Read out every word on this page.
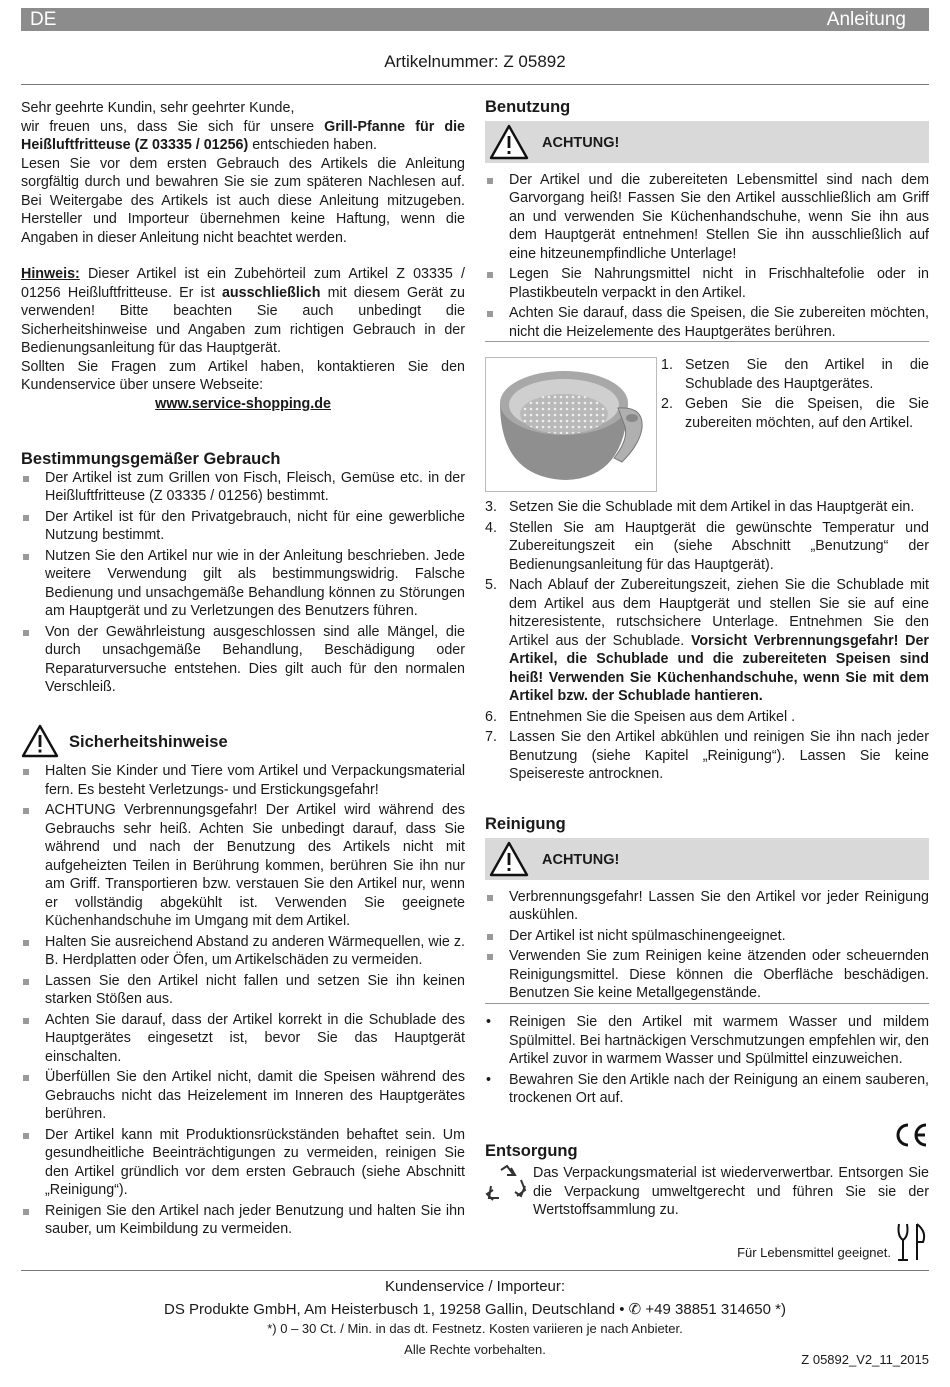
DE	Anleitung
Artikelnummer: Z 05892

Sehr geehrte Kundin, sehr geehrter Kunde,

wir freuen uns, dass Sie sich für unsere Grill-Pfanne für die Heißluftfritteuse (Z 03335 / 01256) entschieden haben.

Lesen Sie vor dem ersten Gebrauch des Artikels die Anleitung sorgfältig durch und bewahren Sie sie zum späteren Nachlesen auf. Bei Weitergabe des Artikels ist auch diese Anleitung mitzugeben. Hersteller und Importeur übernehmen keine Haftung, wenn die Angaben in dieser Anleitung nicht beachtet werden.

Hinweis: Dieser Artikel ist ein Zubehörteil zum Artikel Z 03335 / 01256 Heißluftfritteuse. Er ist ausschließlich mit diesem Gerät zu verwenden! Bitte beachten Sie auch unbedingt die Sicherheitshinweise und Angaben zum richtigen Gebrauch in der Bedienungsanleitung für das Hauptgerät.

Sollten Sie Fragen zum Artikel haben, kontaktieren Sie den Kundenservice über unsere Webseite:

www.service-shopping.de

Bestimmungsgemäßer Gebrauch
Der Artikel ist zum Grillen von Fisch, Fleisch, Gemüse etc. in der Heißluftfritteuse (Z 03335 / 01256) bestimmt.
Der Artikel ist für den Privatgebrauch, nicht für eine gewerbliche Nutzung bestimmt.
Nutzen Sie den Artikel nur wie in der Anleitung beschrieben. Jede weitere Verwendung gilt als bestimmungswidrig. Falsche Bedienung und unsachgemäße Behandlung können zu Störungen am Hauptgerät und zu Verletzungen des Benutzers führen.
Von der Gewährleistung ausgeschlossen sind alle Mängel, die durch unsachgemäße Behandlung, Beschädigung oder Reparaturversuche entstehen. Dies gilt auch für den normalen Verschleiß.
Sicherheitshinweise
Halten Sie Kinder und Tiere vom Artikel und Verpackungsmaterial fern. Es besteht Verletzungs- und Erstickungsgefahr!
ACHTUNG Verbrennungsgefahr! Der Artikel wird während des Gebrauchs sehr heiß. Achten Sie unbedingt darauf, dass Sie während und nach der Benutzung des Artikels nicht mit aufgeheizten Teilen in Berührung kommen, berühren Sie ihn nur am Griff. Transportieren bzw. verstauen Sie den Artikel nur, wenn er vollständig abgekühlt ist. Verwenden Sie geeignete Küchenhandschuhe im Umgang mit dem Artikel.
Halten Sie ausreichend Abstand zu anderen Wärmequellen, wie z. B. Herdplatten oder Öfen, um Artikelschäden zu vermeiden.
Lassen Sie den Artikel nicht fallen und setzen Sie ihn keinen starken Stößen aus.
Achten Sie darauf, dass der Artikel korrekt in die Schublade des Hauptgerätes eingesetzt ist, bevor Sie das Hauptgerät einschalten.
Überfüllen Sie den Artikel nicht, damit die Speisen während des Gebrauchs nicht das Heizelement im Inneren des Hauptgerätes berühren.
Der Artikel kann mit Produktionsrückständen behaftet sein. Um gesundheitliche Beeinträchtigungen zu vermeiden, reinigen Sie den Artikel gründlich vor dem ersten Gebrauch (siehe Abschnitt „Reinigung“).
Reinigen Sie den Artikel nach jeder Benutzung und halten Sie ihn sauber, um Keimbildung zu vermeiden.
Benutzung
ACHTUNG!
Der Artikel und die zubereiteten Lebensmittel sind nach dem Garvorgang heiß! Fassen Sie den Artikel ausschließlich am Griff an und verwenden Sie Küchenhandschuhe, wenn Sie ihn aus dem Hauptgerät entnehmen! Stellen Sie ihn ausschließlich auf eine hitzeunempfindliche Unterlage!
Legen Sie Nahrungsmittel nicht in Frischhaltefolie oder in Plastikbeuteln verpackt in den Artikel.
Achten Sie darauf, dass die Speisen, die Sie zubereiten möchten, nicht die Heizelemente des Hauptgerätes berühren.
1. Setzen Sie den Artikel in die Schublade des Hauptgerätes.
2. Geben Sie die Speisen, die Sie zubereiten möchten, auf den Artikel.
3. Setzen Sie die Schublade mit dem Artikel in das Hauptgerät ein.
4. Stellen Sie am Hauptgerät die gewünschte Temperatur und Zubereitungszeit ein (siehe Abschnitt „Benutzung“ der Bedienungsanleitung für das Hauptgerät).
5. Nach Ablauf der Zubereitungszeit, ziehen Sie die Schublade mit dem Artikel aus dem Hauptgerät und stellen Sie sie auf eine hitzeresistente, rutschsichere Unterlage. Entnehmen Sie den Artikel aus der Schublade. Vorsicht Verbrennungsgefahr! Der Artikel, die Schublade und die zubereiteten Speisen sind heiß! Verwenden Sie Küchenhandschuhe, wenn Sie mit dem Artikel bzw. der Schublade hantieren.
6. Entnehmen Sie die Speisen aus dem Artikel .
7. Lassen Sie den Artikel abkühlen und reinigen Sie ihn nach jeder Benutzung (siehe Kapitel „Reinigung“). Lassen Sie keine Speisereste antrocknen.
Reinigung
ACHTUNG!
Verbrennungsgefahr! Lassen Sie den Artikel vor jeder Reinigung auskühlen.
Der Artikel ist nicht spülmaschinengeeignet.
Verwenden Sie zum Reinigen keine ätzenden oder scheuernden Reinigungsmittel. Diese können die Oberfläche beschädigen. Benutzen Sie keine Metallgegenstände.
• Reinigen Sie den Artikel mit warmem Wasser und mildem Spülmittel. Bei hartnäckigen Verschmutzungen empfehlen wir, den Artikel zuvor in warmem Wasser und Spülmittel einzuweichen.
• Bewahren Sie den Artikle nach der Reinigung an einem sauberen, trockenen Ort auf.
Entsorgung

Das Verpackungsmaterial ist wiederverwertbar. Entsorgen Sie die Verpackung umweltgerecht und führen Sie sie der Wertstoffsammlung zu.

Für Lebensmittel geeignet.
Kundenservice / Importeur:
DS Produkte GmbH, Am Heisterbusch 1, 19258 Gallin, Deutschland • ✆ +49 38851 314650 *)
*) 0 – 30 Ct. / Min. in das dt. Festnetz. Kosten variieren je nach Anbieter.
Alle Rechte vorbehalten.
Z 05892_V2_11_2015
